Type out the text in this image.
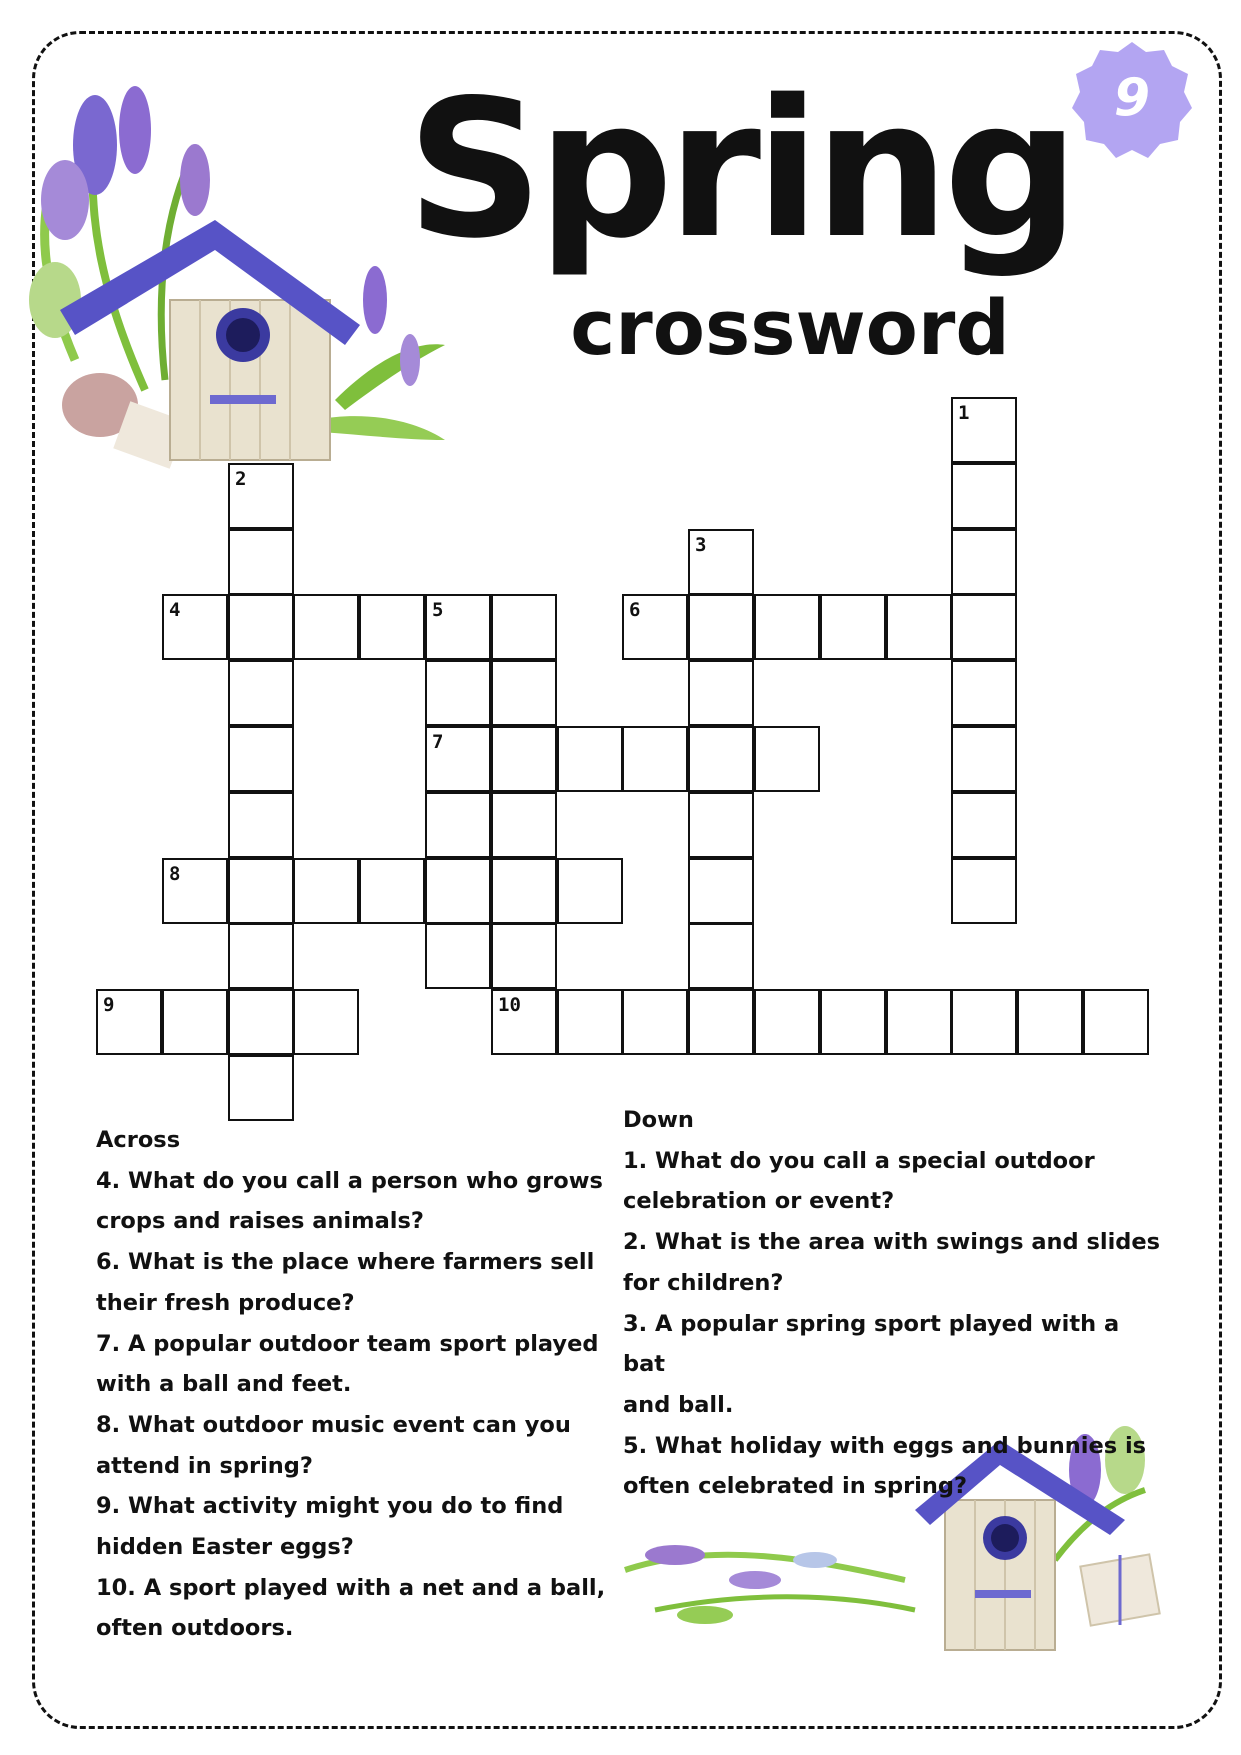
9
Spring
crossword
4	5	6
7
8
9	10
1
2
3
Across
4. What do you call a person who grows
crops and raises animals?
6. What is the place where farmers sell
their fresh produce?
7. A popular outdoor team sport played
with a ball and feet.
8. What outdoor music event can you
attend in spring?
9. What activity might you do to find
hidden Easter eggs?
10. A sport played with a net and a ball,
often outdoors.
Down
1. What do you call a special outdoor
celebration or event?
2. What is the area with swings and slides
for children?
3. A popular spring sport played with a bat
and ball.
5. What holiday with eggs and bunnies is
often celebrated in spring?
